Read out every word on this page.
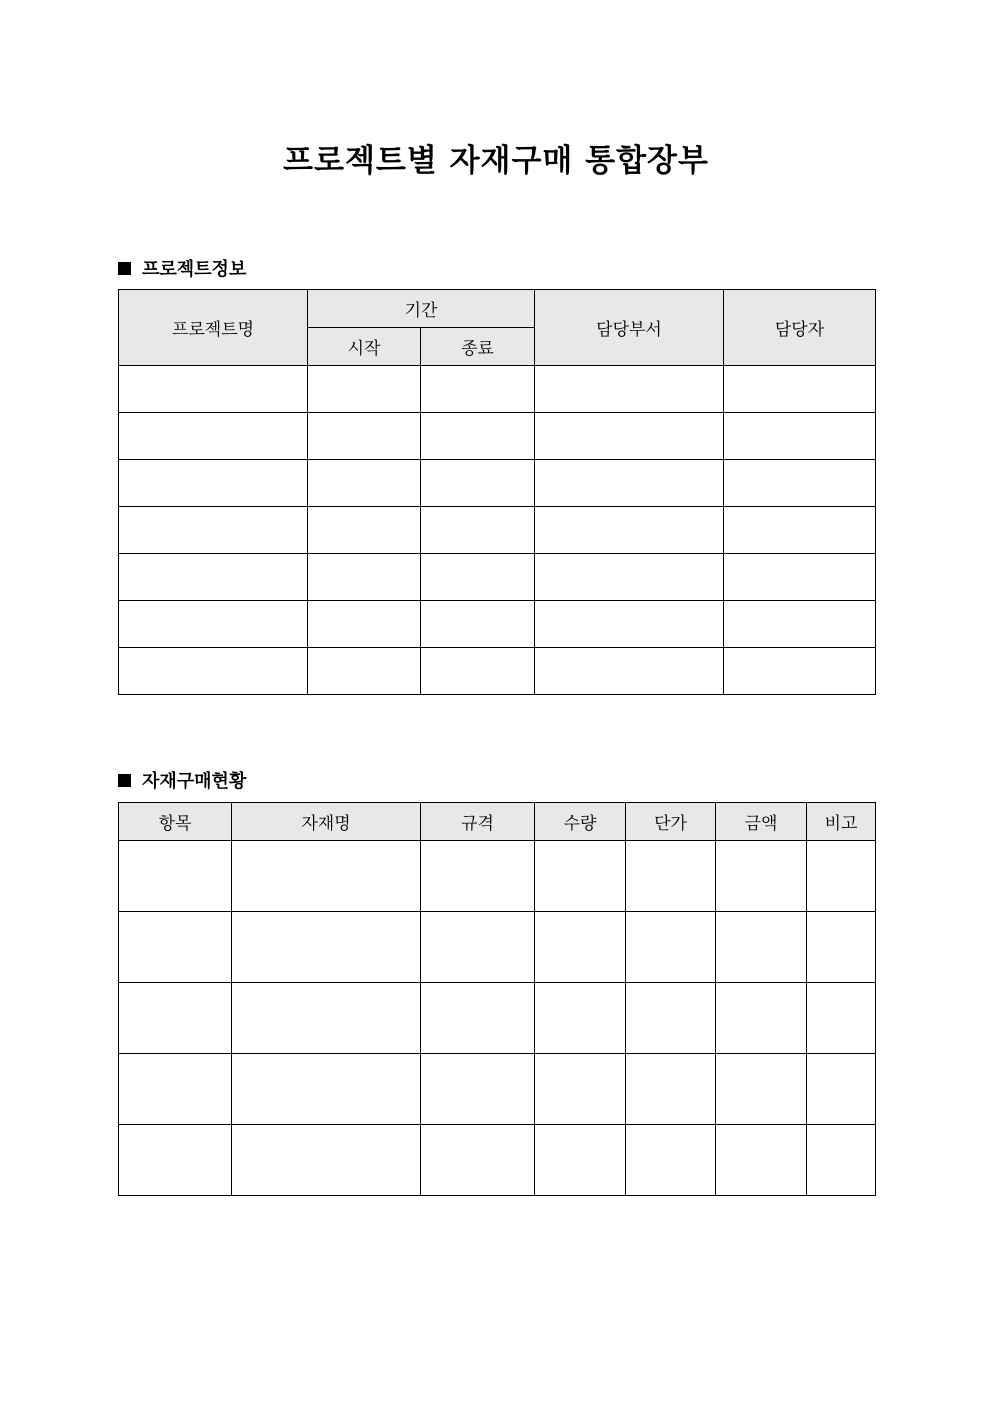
프로젝트별 자재구매 통합장부
프로젝트정보
프로젝트명	기간		담당부서	담당자
	시작	종료		

자재구매현황
항목	자재명	규격	수량	단가	금액	비고
